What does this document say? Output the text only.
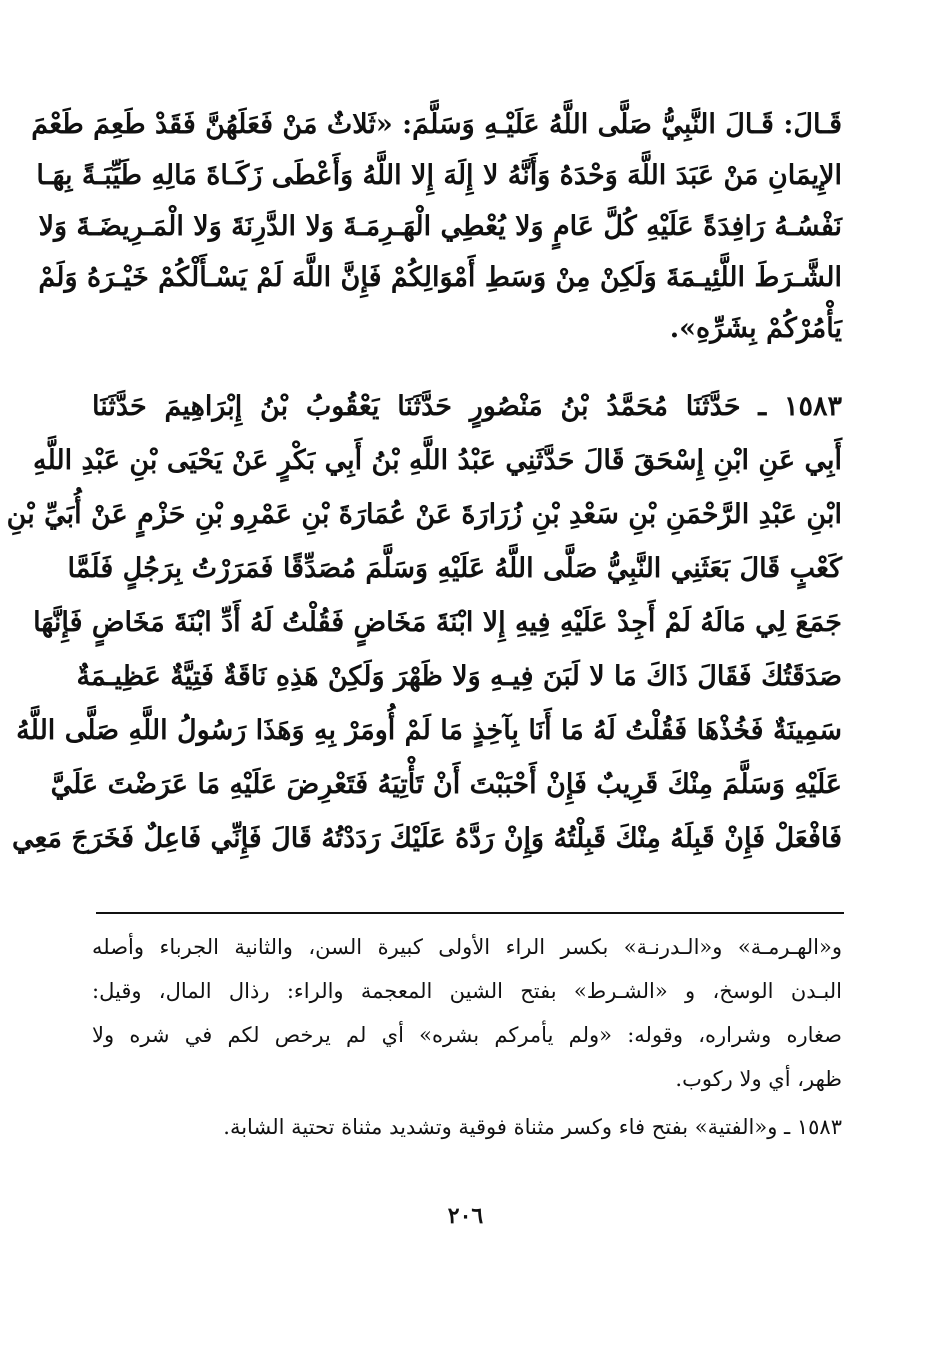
قَـالَ: قَـالَ النَّبِيُّ صَلَّى اللَّهُ عَلَيْـهِ وَسَلَّمَ: «ثَلاثٌ مَنْ فَعَلَهُنَّ فَقَدْ طَعِمَ طَعْمَ
الإِيمَانِ مَنْ عَبَدَ اللَّهَ وَحْدَهُ وَأَنَّهُ لا إِلَهَ إِلا اللَّهُ وَأَعْطَى زَكَـاةَ مَالِهِ طَيِّبَـةً بِهَـا
نَفْسُـهُ رَافِدَةً عَلَيْهِ كُلَّ عَامٍ وَلا يُعْطِي الْهَـرِمَـةَ وَلا الدَّرِنَةَ وَلا الْمَـرِيضَـةَ وَلا
الشَّـرَطَ اللَّئِيـمَةَ وَلَكِنْ مِنْ وَسَطِ أَمْوَالِكُمْ فَإِنَّ اللَّهَ لَمْ يَسْـأَلْكُمْ خَيْـرَهُ وَلَمْ
يَأْمُرْكُمْ بِشَرِّهِ».
١٥٨٣ ـ حَدَّثَنَا مُحَمَّدُ بْنُ مَنْصُورٍ حَدَّثَنَا يَعْقُوبُ بْنُ إِبْرَاهِيمَ حَدَّثَنَا
أَبِي عَنِ ابْنِ إِسْحَقَ قَالَ حَدَّثَنِي عَبْدُ اللَّهِ بْنُ أَبِي بَكْرٍ عَنْ يَحْيَى بْنِ عَبْدِ اللَّهِ
ابْنِ عَبْدِ الرَّحْمَنِ بْنِ سَعْدِ بْنِ زُرَارَةَ عَنْ عُمَارَةَ بْنِ عَمْرِو بْنِ حَزْمٍ عَنْ أُبَيِّ بْنِ
كَعْبٍ قَالَ بَعَثَنِي النَّبِيُّ صَلَّى اللَّهُ عَلَيْهِ وَسَلَّمَ مُصَدِّقًا فَمَرَرْتُ بِرَجُلٍ فَلَمَّا
جَمَعَ لِي مَالَهُ لَمْ أَجِدْ عَلَيْهِ فِيهِ إِلا ابْنَةَ مَخَاضٍ فَقُلْتُ لَهُ أَدِّ ابْنَةَ مَخَاضٍ فَإِنَّهَا
صَدَقَتُكَ فَقَالَ ذَاكَ مَا لا لَبَنَ فِيـهِ وَلا ظَهْرَ وَلَكِنْ هَذِهِ نَاقَةٌ فَتِيَّةٌ عَظِيـمَةٌ
سَمِينَةٌ فَخُذْهَا فَقُلْتُ لَهُ مَا أَنَا بِآخِذٍ مَا لَمْ أُومَرْ بِهِ وَهَذَا رَسُولُ اللَّهِ صَلَّى اللَّهُ
عَلَيْهِ وَسَلَّمَ مِنْكَ قَرِيبٌ فَإِنْ أَحْبَبْتَ أَنْ تَأْتِيَهُ فَتَعْرِضَ عَلَيْهِ مَا عَرَضْتَ عَلَيَّ
فَافْعَلْ فَإِنْ قَبِلَهُ مِنْكَ قَبِلْتُهُ وَإِنْ رَدَّهُ عَلَيْكَ رَدَدْتُهُ قَالَ فَإِنِّي فَاعِلٌ فَخَرَجَ مَعِي
و«الهـرمـة» و«الـدرنـة» بكسر الراء الأولى كبيرة السن، والثانية الجرباء وأصله
البـدن الوسخ، و «الشـرط» بفتح الشين المعجمة والراء: رذال المال، وقيل:
صغاره وشراره، وقوله: «ولم يأمركم بشره» أي لم يرخص لكم في شره ولا
ظهر، أي ولا ركوب.
١٥٨٣ ـ و«الفتية» بفتح فاء وكسر مثناة فوقية وتشديد مثناة تحتية الشابة.
٢٠٦
